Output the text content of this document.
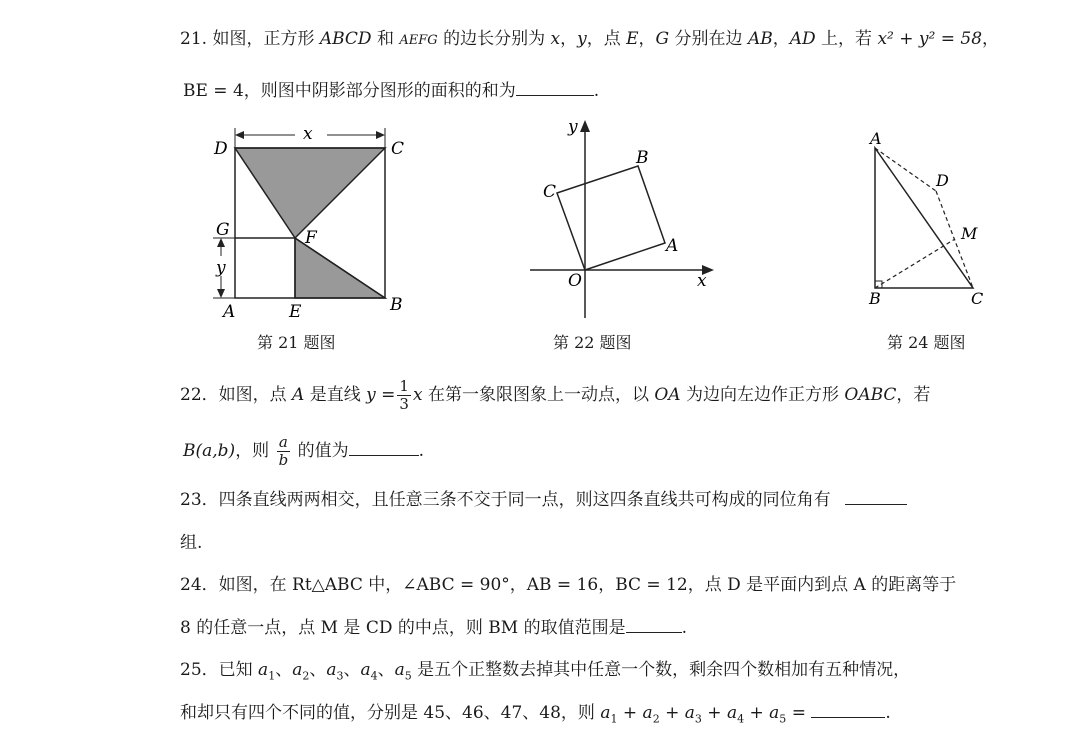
21. 如图，正方形 ABCD 和 AEFG 的边长分别为 x，y，点 E，G 分别在边 AB，AD 上，若 x² + y² = 58，
BE = 4，则图中阴影部分图形的面积的和为	.
x
y
D	C
G	F
A	E	B
第 21 题图
y
x
O
A
B
C
第 22 题图
A
D
M
B	C
第 24 题图
22．如图，点 A 是直线 $y = \frac{1}{3}$ x 在第一象限图象上一动点，以 OA 为边向左边作正方形 OABC，若
B(a,b)，则 $\frac{a}{b}$ 的值为	.
23．四条直线两两相交，且任意三条不交于同一点，则这四条直线共可构成的同位角有
组.
24．如图，在 Rt△ABC 中，∠ABC = 90°，AB = 16，BC = 12，点 D 是平面内到点 A 的距离等于
8 的任意一点，点 M 是 CD 的中点，则 BM 的取值范围是	.
25．已知 $a_1$、$a_2$、$a_3$、$a_4$、$a_5$ 是五个正整数去掉其中任意一个数，剩余四个数相加有五种情况，
和却只有四个不同的值，分别是 45、46、47、48，则 $a_1 + a_2 + a_3 + a_4 + a_5$ =	.
